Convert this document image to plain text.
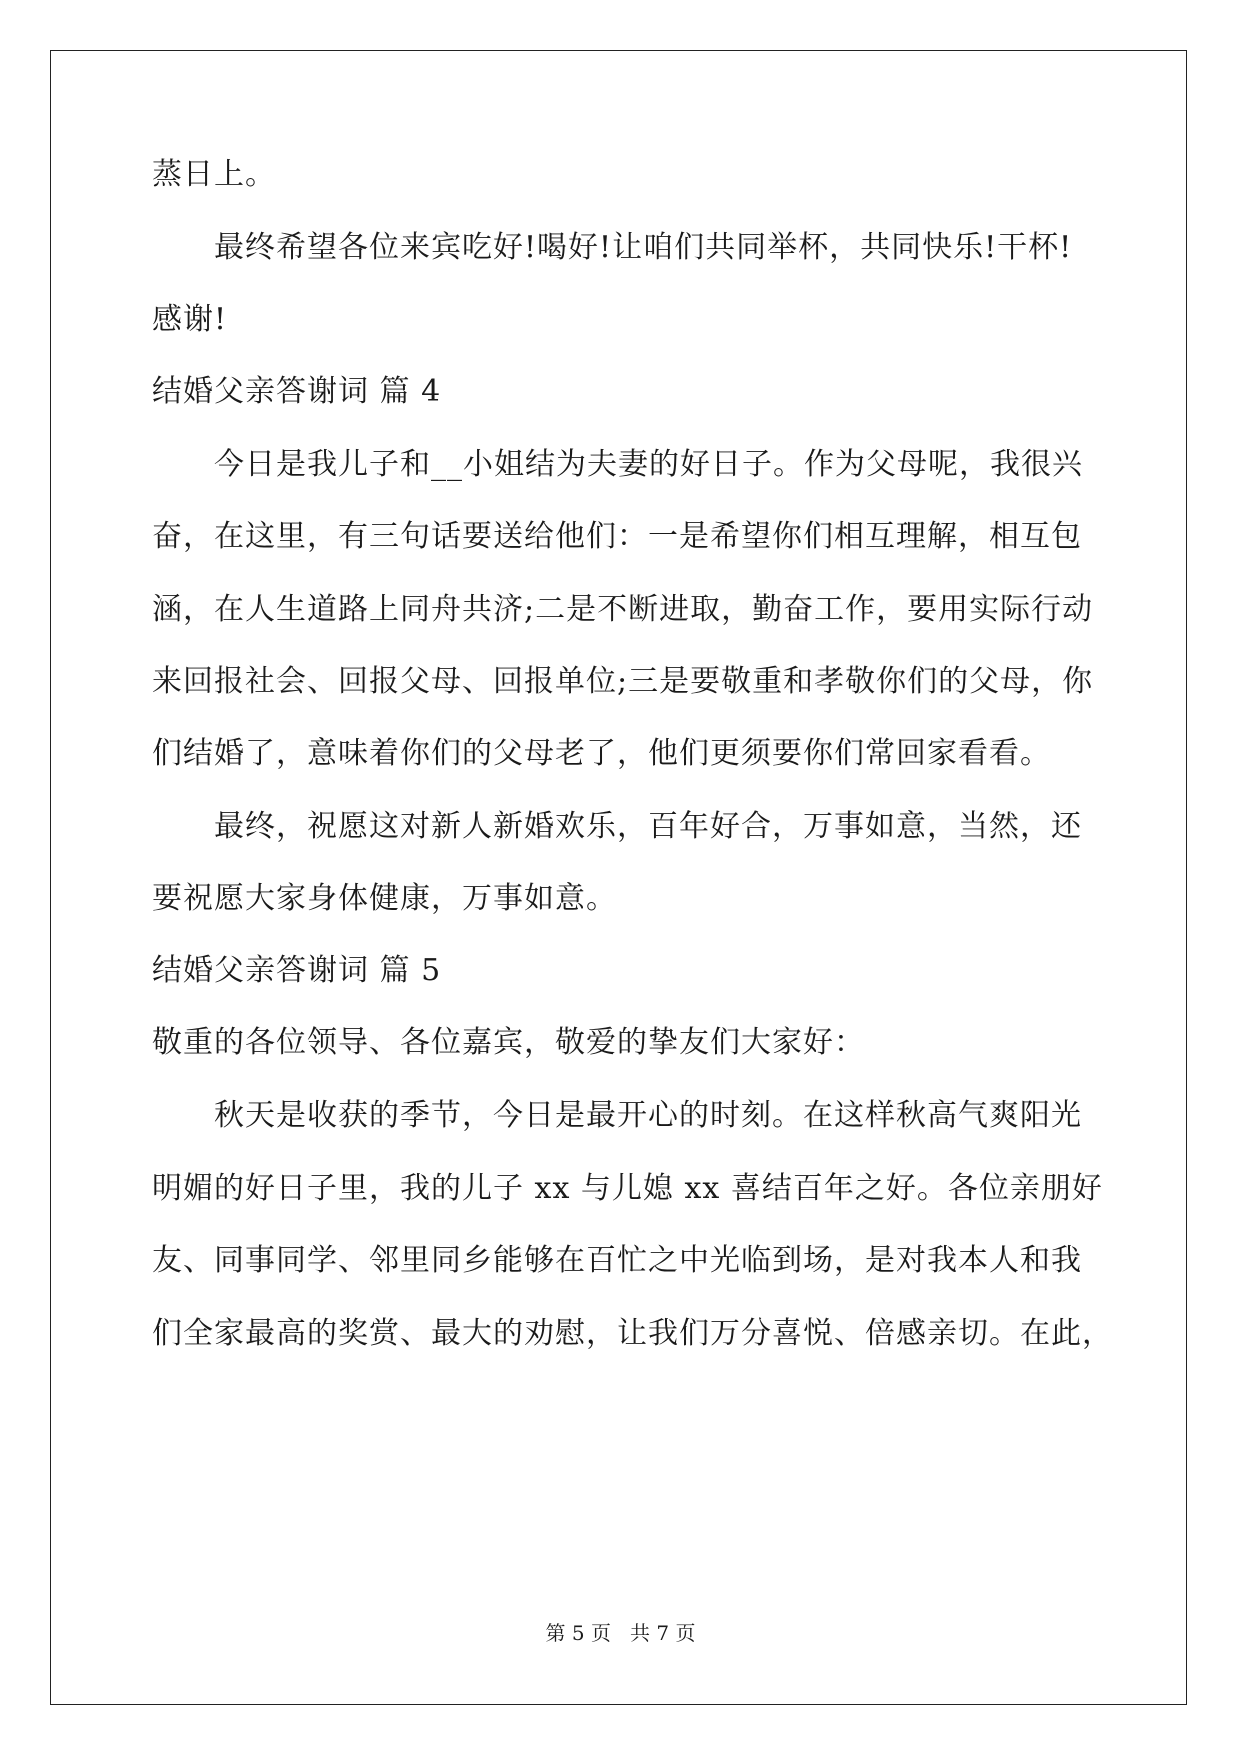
蒸日上。
最终希望各位来宾吃好!喝好!让咱们共同举杯，共同快乐!干杯!
感谢!
结婚父亲答谢词 篇 4
今日是我儿子和__小姐结为夫妻的好日子。作为父母呢，我很兴
奋，在这里，有三句话要送给他们：一是希望你们相互理解，相互包
涵，在人生道路上同舟共济;二是不断进取，勤奋工作，要用实际行动
来回报社会、回报父母、回报单位;三是要敬重和孝敬你们的父母，你
们结婚了，意味着你们的父母老了，他们更须要你们常回家看看。
最终，祝愿这对新人新婚欢乐，百年好合，万事如意，当然，还
要祝愿大家身体健康，万事如意。
结婚父亲答谢词 篇 5
敬重的各位领导、各位嘉宾，敬爱的挚友们大家好：
秋天是收获的季节，今日是最开心的时刻。在这样秋高气爽阳光
明媚的好日子里，我的儿子 xx 与儿媳 xx 喜结百年之好。各位亲朋好
友、同事同学、邻里同乡能够在百忙之中光临到场，是对我本人和我
们全家最高的奖赏、最大的劝慰，让我们万分喜悦、倍感亲切。在此，
第 5 页   共 7 页
